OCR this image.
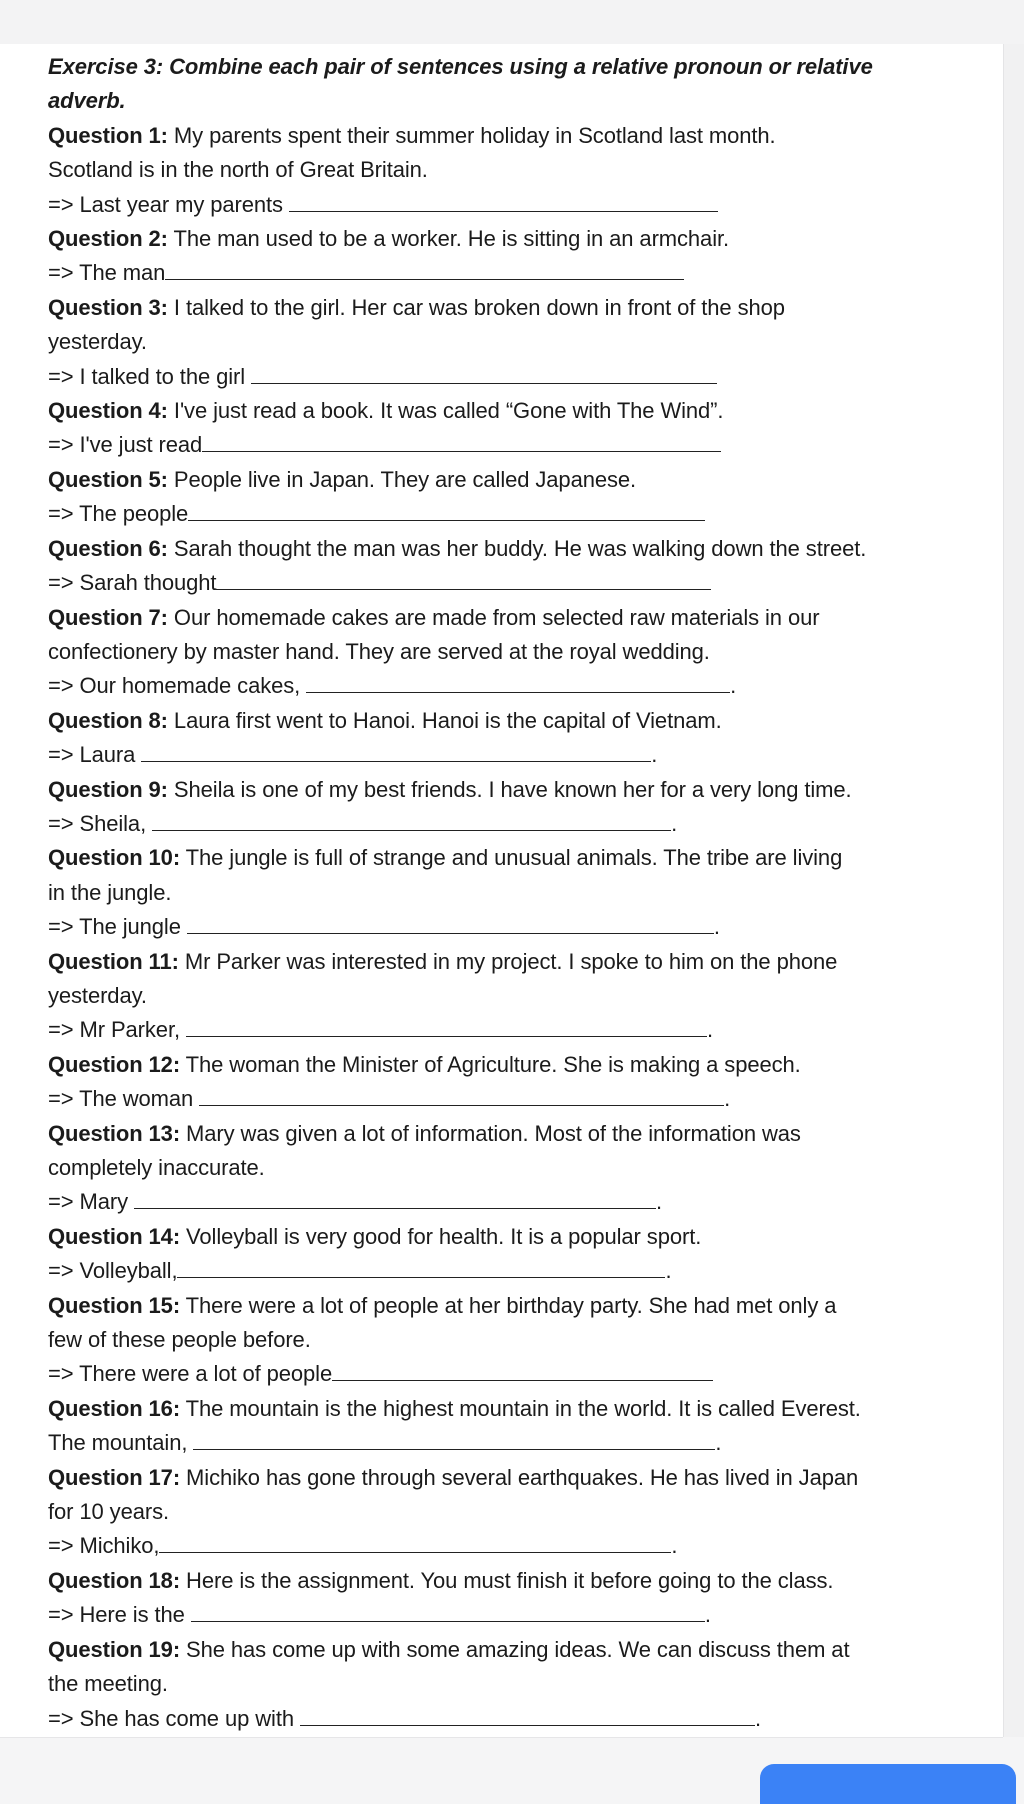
Exercise 3: Combine each pair of sentences using a relative pronoun or relative
adverb.
Question 1: My parents spent their summer holiday in Scotland last month.
Scotland is in the north of Great Britain.
=> Last year my parents
Question 2: The man used to be a worker. He is sitting in an armchair.
=> The man
Question 3: I talked to the girl. Her car was broken down in front of the shop
yesterday.
=> I talked to the girl
Question 4: I've just read a book. It was called “Gone with The Wind”.
=> I've just read
Question 5: People live in Japan. They are called Japanese.
=> The people
Question 6: Sarah thought the man was her buddy. He was walking down the street.
=> Sarah thought
Question 7: Our homemade cakes are made from selected raw materials in our
confectionery by master hand. They are served at the royal wedding.
=> Our homemade cakes,	.
Question 8: Laura first went to Hanoi. Hanoi is the capital of Vietnam.
=> Laura	.
Question 9: Sheila is one of my best friends. I have known her for a very long time.
=> Sheila,	.
Question 10: The jungle is full of strange and unusual animals. The tribe are living
in the jungle.
=> The jungle	.
Question 11: Mr Parker was interested in my project. I spoke to him on the phone
yesterday.
=> Mr Parker,	.
Question 12: The woman the Minister of Agriculture. She is making a speech.
=> The woman	.
Question 13: Mary was given a lot of information. Most of the information was
completely inaccurate.
=> Mary	.
Question 14: Volleyball is very good for health. It is a popular sport.
=> Volleyball,	.
Question 15: There were a lot of people at her birthday party. She had met only a
few of these people before.
=> There were a lot of people
Question 16: The mountain is the highest mountain in the world. It is called Everest.
The mountain,	.
Question 17: Michiko has gone through several earthquakes. He has lived in Japan
for 10 years.
=> Michiko,	.
Question 18: Here is the assignment. You must finish it before going to the class.
=> Here is the	.
Question 19: She has come up with some amazing ideas. We can discuss them at
the meeting.
=> She has come up with	.
